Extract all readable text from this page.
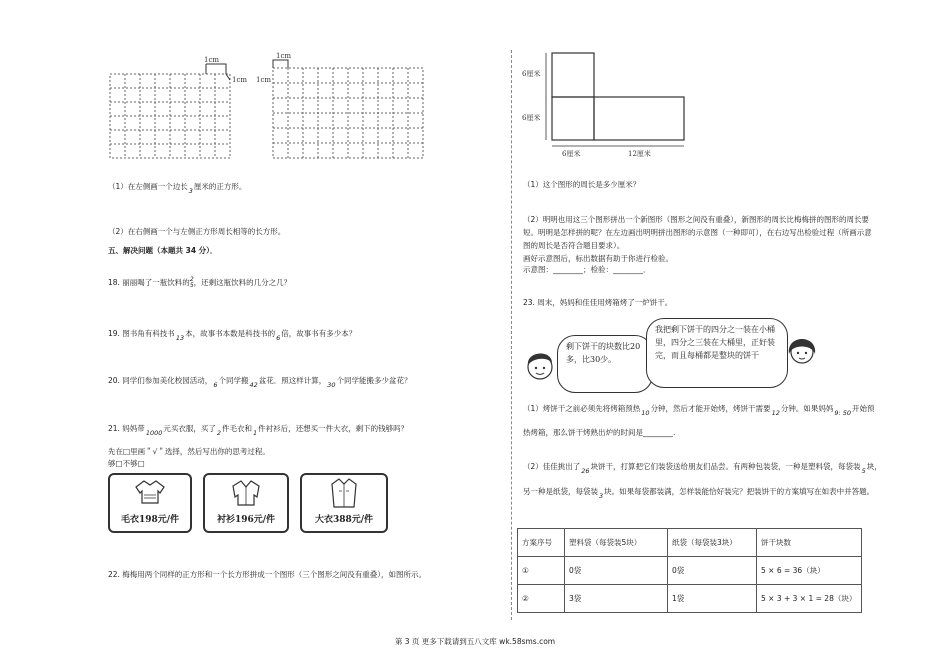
1cm
1cm 1cm
1cm
（1）在左侧画一个边长3厘米的正方形。
（2）在右侧画一个与左侧正方形周长相等的长方形。
五、解决问题（本题共 34 分）．
18. 丽丽喝了一瓶饮料的2
5，还剩这瓶饮料的几分之几？
19. 图书角有科技书13本，故事书本数是科技书的6倍，故事书有多少本？
20. 同学们参加美化校园活动，6个同学搬42盆花．照这样计算，30个同学能搬多少盆花？
21. 妈妈带1000元买衣服，买了2件毛衣和1件衬衫后，还想买一件大衣，剩下的钱够吗？
先在□里画＂√＂选择，然后写出你的思考过程。
够□不够□
毛衣198元/件	衬衫196元/件	大衣388元/件
22. 梅梅用两个同样的正方形和一个长方形拼成一个图形（三个图形之间没有重叠），如图所示。
6厘米
6厘米
6厘米	12厘米
（1）这个图形的周长是多少厘米？
（2）明明也用这三个图形拼出一个新图形（图形之间没有重叠），新图形的周长比梅梅拼的图形的周长要
短。明明是怎样拼的呢？在左边画出明明拼出图形的示意图（一种即可），在右边写出检验过程（所画示意
图的周长是否符合题目要求）。
画好示意图后，标出数据有助于你进行检验。
示意图：________；检验：________．
23. 周末，妈妈和佳佳用烤箱烤了一炉饼干。
剩下饼干的块数比20多，比30少。
我把剩下饼干的四分之一装在小桶里，四分之三装在大桶里，正好装完，而且每桶都是整块的饼干
（1）烤饼干之前必须先将烤箱预热10分钟，然后才能开始烤，烤饼干需要12分钟。如果妈妈9: 50开始预
热烤箱，那么饼干烤熟出炉的时间是________.
（2）佳佳挑出了26块饼干，打算把它们装袋送给朋友们品尝。有两种包装袋，一种是塑料袋，每袋装5块，
另一种是纸袋，每袋装3块。如果每袋都装满，怎样装能恰好装完？把装饼干的方案填写在如表中并答题。
方案序号	塑料袋（每袋装5块）	纸袋（每袋装3块）	饼干块数
①	0袋	0袋	5 × 6 = 36（块）
②	3袋	1袋	5 × 3 + 3 × 1 = 28（块）
第 3 页 更多下载请到五八文库 wk.58sms.com
